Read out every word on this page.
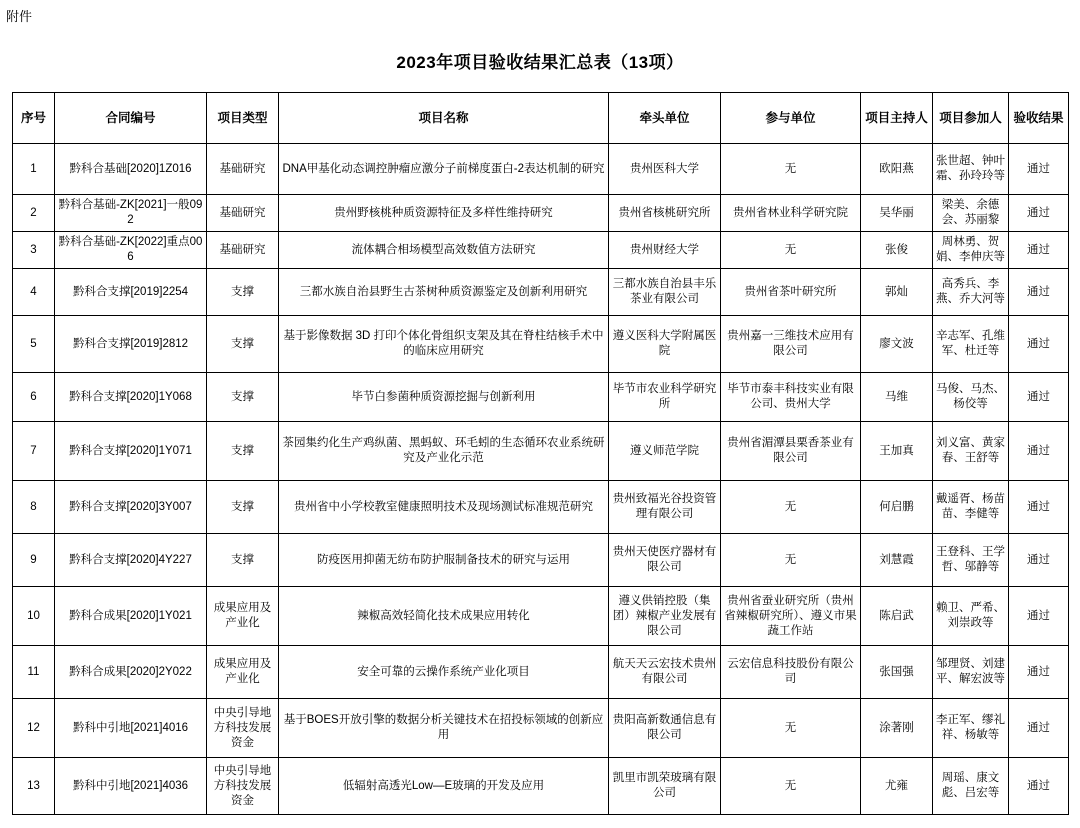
附件
2023年项目验收结果汇总表（13项）
序号	合同编号	项目类型	项目名称	牵头单位	参与单位	项目主持人	项目参加人	验收结果
1	黔科合基础[2020]1Z016	基础研究	DNA甲基化动态调控肿瘤应激分子前梯度蛋白-2表达机制的研究	贵州医科大学	无	欧阳燕	张世超、钟叶霜、孙玲玲等	通过
2	黔科合基础-ZK[2021]一般092	基础研究	贵州野核桃种质资源特征及多样性维持研究	贵州省核桃研究所	贵州省林业科学研究院	吴华丽	梁美、余德会、苏丽黎	通过
3	黔科合基础-ZK[2022]重点006	基础研究	流体耦合相场模型高效数值方法研究	贵州财经大学	无	张俊	周林勇、贺娟、李伸庆等	通过
4	黔科合支撑[2019]2254	支撑	三都水族自治县野生古茶树种质资源鉴定及创新利用研究	三都水族自治县丰乐茶业有限公司	贵州省茶叶研究所	郭灿	高秀兵、李燕、乔大河等	通过
5	黔科合支撑[2019]2812	支撑	基于影像数据 3D 打印个体化骨组织支架及其在脊柱结核手术中的临床应用研究	遵义医科大学附属医院	贵州嘉一三维技术应用有限公司	廖文波	辛志军、孔维军、杜迁等	通过
6	黔科合支撑[2020]1Y068	支撑	毕节白参菌种质资源挖掘与创新利用	毕节市农业科学研究所	毕节市泰丰科技实业有限公司、贵州大学	马维	马俊、马杰、杨佼等	通过
7	黔科合支撑[2020]1Y071	支撑	茶园集约化生产鸡纵菌、黑蚂蚁、环毛蚓的生态循环农业系统研究及产业化示范	遵义师范学院	贵州省湄潭县栗香茶业有限公司	王加真	刘义富、黄家春、王舒等	通过
8	黔科合支撑[2020]3Y007	支撑	贵州省中小学校教室健康照明技术及现场测试标准规范研究	贵州致福光谷投资管理有限公司	无	何启鹏	戴遥胥、杨苗苗、李健等	通过
9	黔科合支撑[2020]4Y227	支撑	防疫医用抑菌无纺布防护服制备技术的研究与运用	贵州天使医疗器材有限公司	无	刘慧霞	王登科、王学哲、邬静等	通过
10	黔科合成果[2020]1Y021	成果应用及产业化	辣椒高效轻简化技术成果应用转化	遵义供销控股（集团）辣椒产业发展有限公司	贵州省蚕业研究所（贵州省辣椒研究所）、遵义市果蔬工作站	陈启武	赖卫、严希、刘崇政等	通过
11	黔科合成果[2020]2Y022	成果应用及产业化	安全可靠的云操作系统产业化项目	航天天云宏技术贵州有限公司	云宏信息科技股份有限公司	张国强	邹理贤、刘建平、解宏波等	通过
12	黔科中引地[2021]4016	中央引导地方科技发展资金	基于BOES开放引擎的数据分析关键技术在招投标领域的创新应用	贵阳高新数通信息有限公司	无	涂著刚	李正军、缪礼祥、杨敏等	通过
13	黔科中引地[2021]4036	中央引导地方科技发展资金	低辐射高透光Low—E玻璃的开发及应用	凯里市凯荣玻璃有限公司	无	尤雍	周瑶、康文彪、吕宏等	通过
